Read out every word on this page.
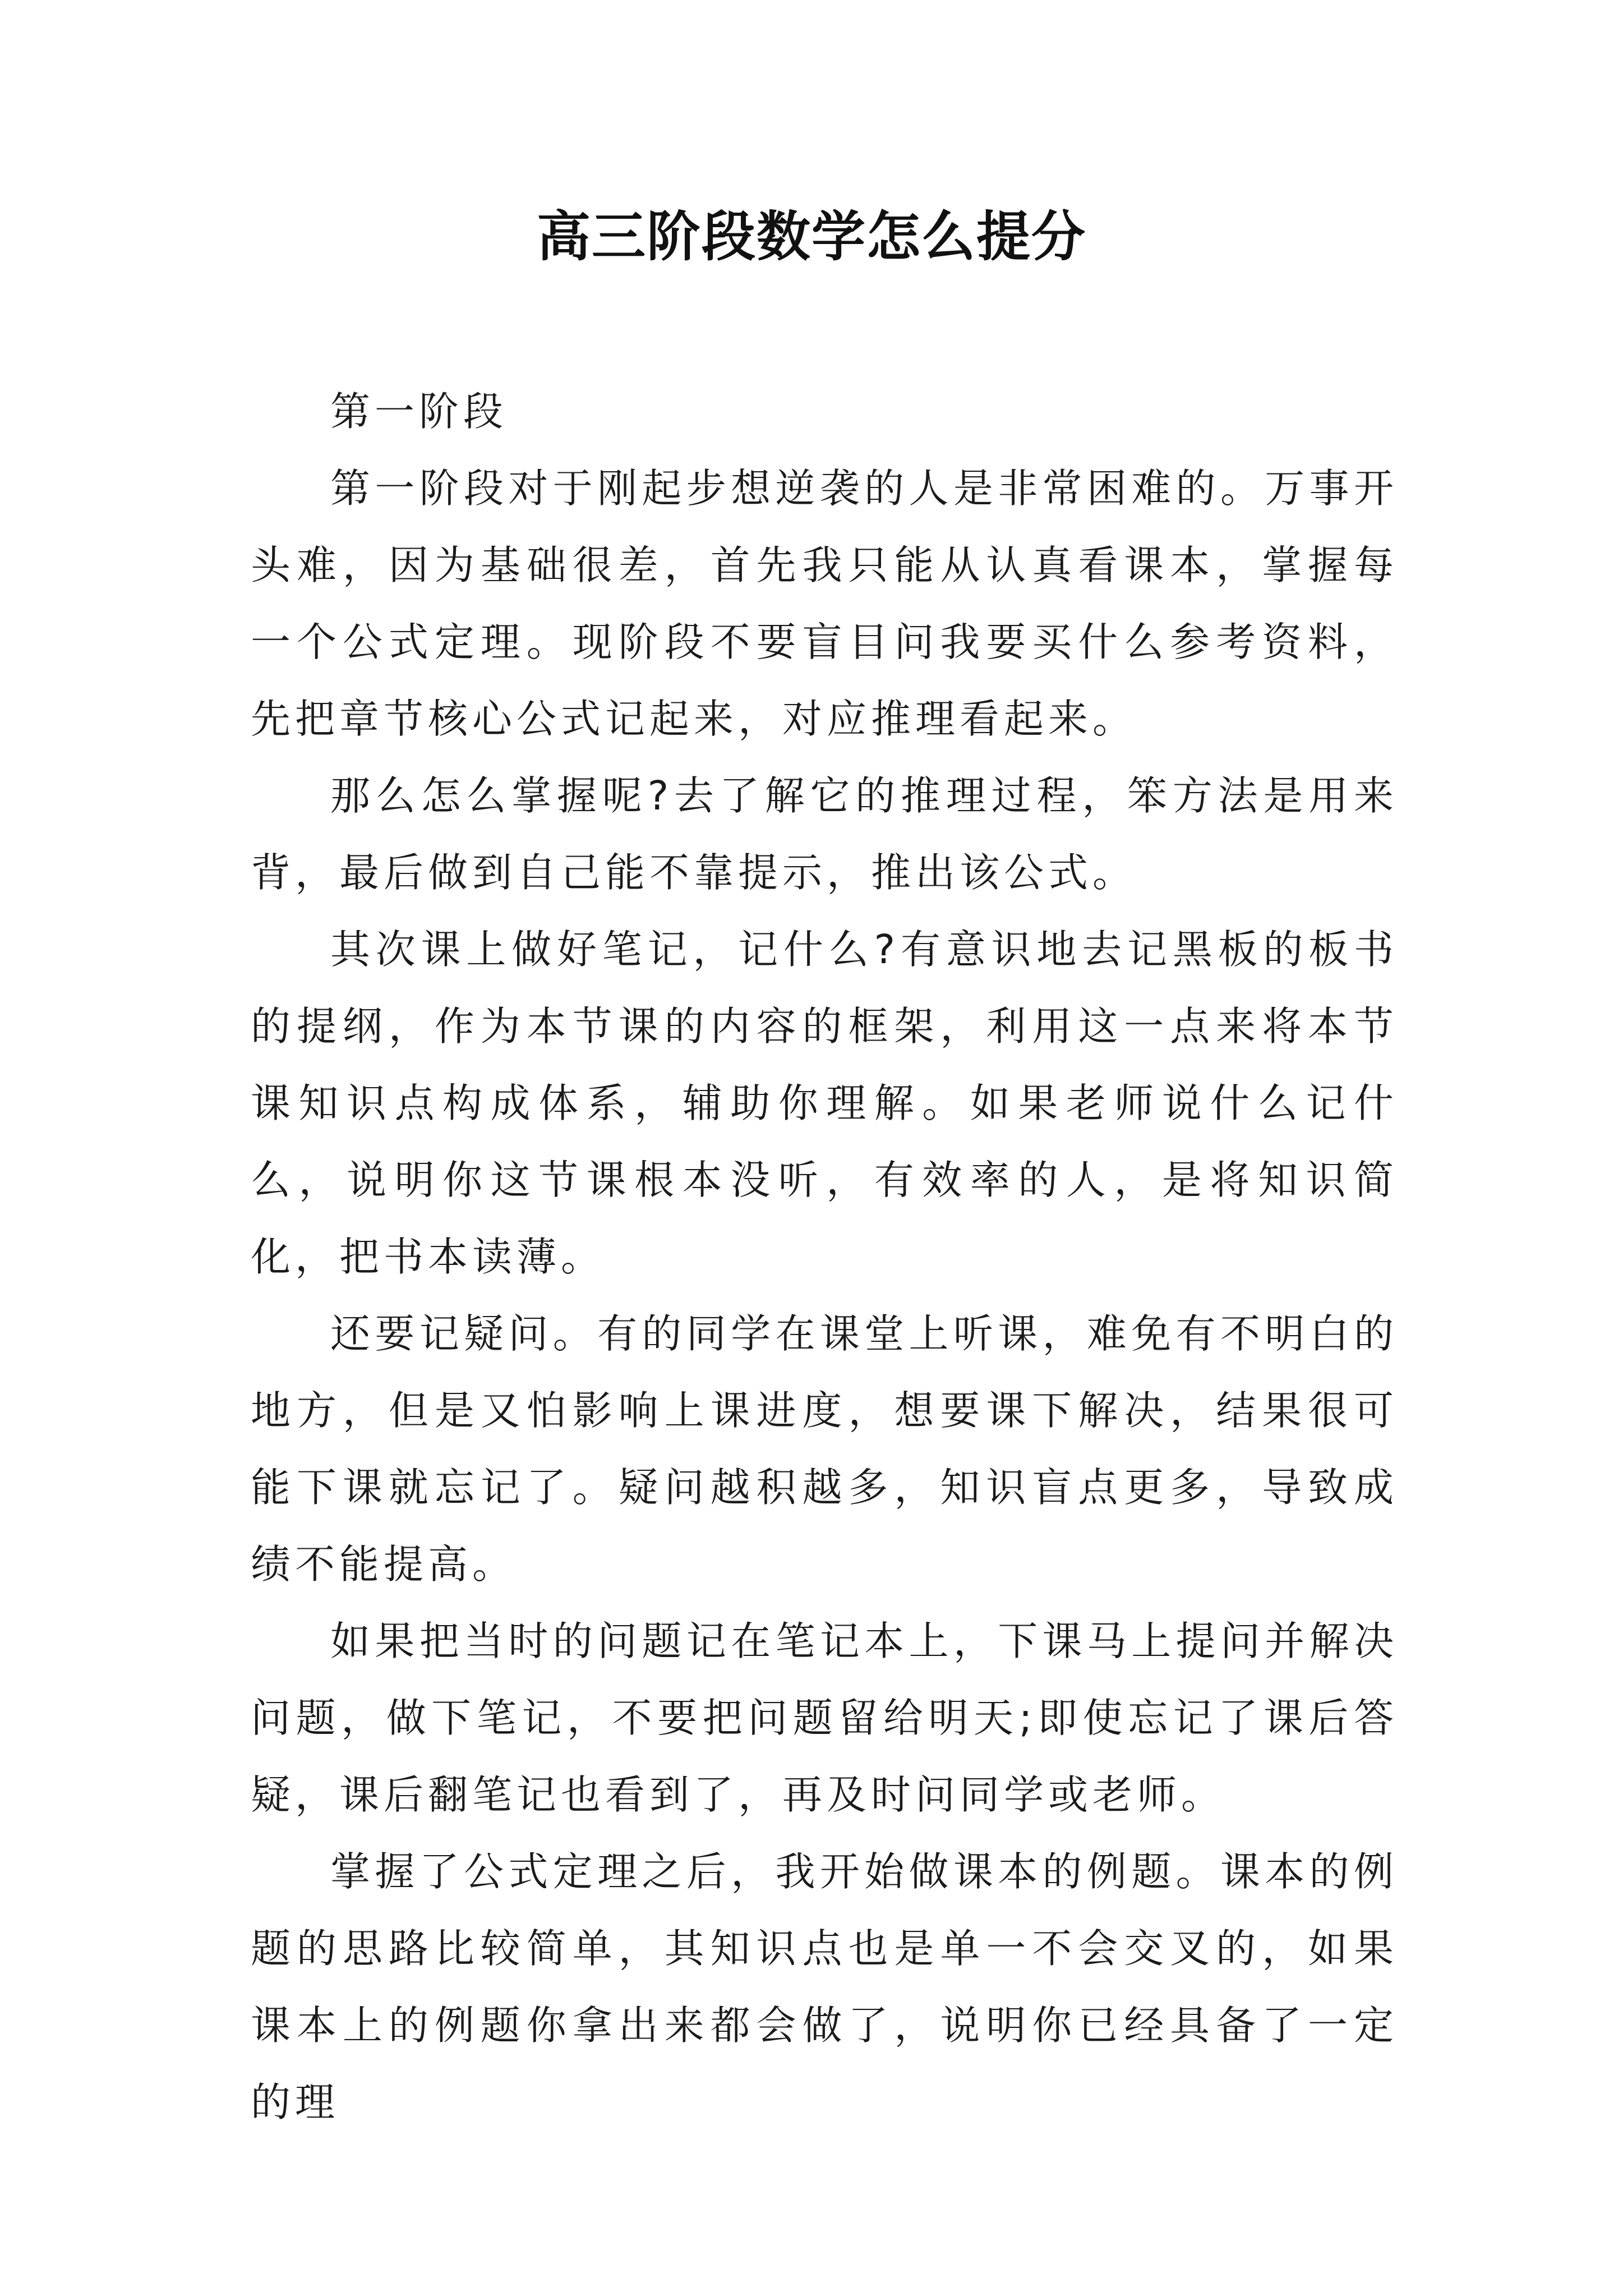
高三阶段数学怎么提分

第一阶段

第一阶段对于刚起步想逆袭的人是非常困难的。万事开头难，因为基础很差，首先我只能从认真看课本，掌握每一个公式定理。现阶段不要盲目问我要买什么参考资料，先把章节核心公式记起来，对应推理看起来。

那么怎么掌握呢?去了解它的推理过程，笨方法是用来背，最后做到自己能不靠提示，推出该公式。

其次课上做好笔记，记什么?有意识地去记黑板的板书的提纲，作为本节课的内容的框架，利用这一点来将本节课知识点构成体系，辅助你理解。如果老师说什么记什么，说明你这节课根本没听，有效率的人，是将知识简化，把书本读薄。

还要记疑问。有的同学在课堂上听课，难免有不明白的地方，但是又怕影响上课进度，想要课下解决，结果很可能下课就忘记了。疑问越积越多，知识盲点更多，导致成绩不能提高。

如果把当时的问题记在笔记本上，下课马上提问并解决问题，做下笔记，不要把问题留给明天;即使忘记了课后答疑，课后翻笔记也看到了，再及时问同学或老师。

掌握了公式定理之后，我开始做课本的例题。课本的例题的思路比较简单，其知识点也是单一不会交叉的，如果课本上的例题你拿出来都会做了，说明你已经具备了一定的理
